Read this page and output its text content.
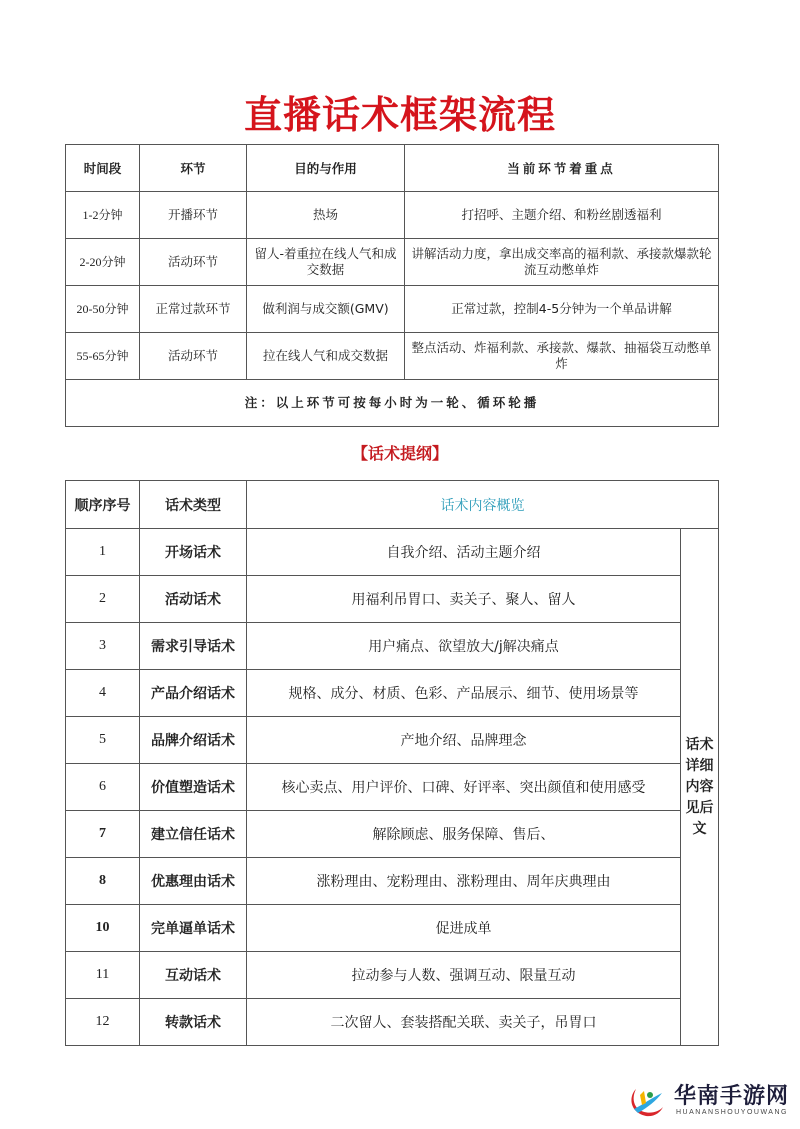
直播话术框架流程
时间段	环节	目的与作用	当前环节着重点
1-2分钟	开播环节	热场	打招呼、主题介绍、和粉丝剧透福利
2-20分钟	活动环节	留人-着重拉在线人气和成交数据	讲解活动力度，拿出成交率高的福利款、承接款爆款轮流互动憋单炸
20-50分钟	正常过款环节	做利润与成交额(GMV)	正常过款，控制4-5分钟为一个单品讲解
55-65分钟	活动环节	拉在线人气和成交数据	整点活动、炸福利款、承接款、爆款、抽福袋互动憋单炸
注：以上环节可按每小时为一轮、循环轮播			
【话术提纲】
顺序序号	话术类型	话术内容概览	
1	开场话术	自我介绍、活动主题介绍	话术详细内容见后文
2	活动话术	用福利吊胃口、卖关子、聚人、留人	
3	需求引导话术	用户痛点、欲望放大/j解决痛点	
4	产品介绍话术	规格、成分、材质、色彩、产品展示、细节、使用场景等	
5	品牌介绍话术	产地介绍、品牌理念	
6	价值塑造话术	核心卖点、用户评价、口碑、好评率、突出颜值和使用感受	
7	建立信任话术	解除顾虑、服务保障、售后、	
8	优惠理由话术	涨粉理由、宠粉理由、涨粉理由、周年庆典理由	
10	完单逼单话术	促进成单	
11	互动话术	拉动参与人数、强调互动、限量互动	
12	转款话术	二次留人、套装搭配关联、卖关子，吊胃口	
华南手游网
HUANANSHOUYOUWANG
